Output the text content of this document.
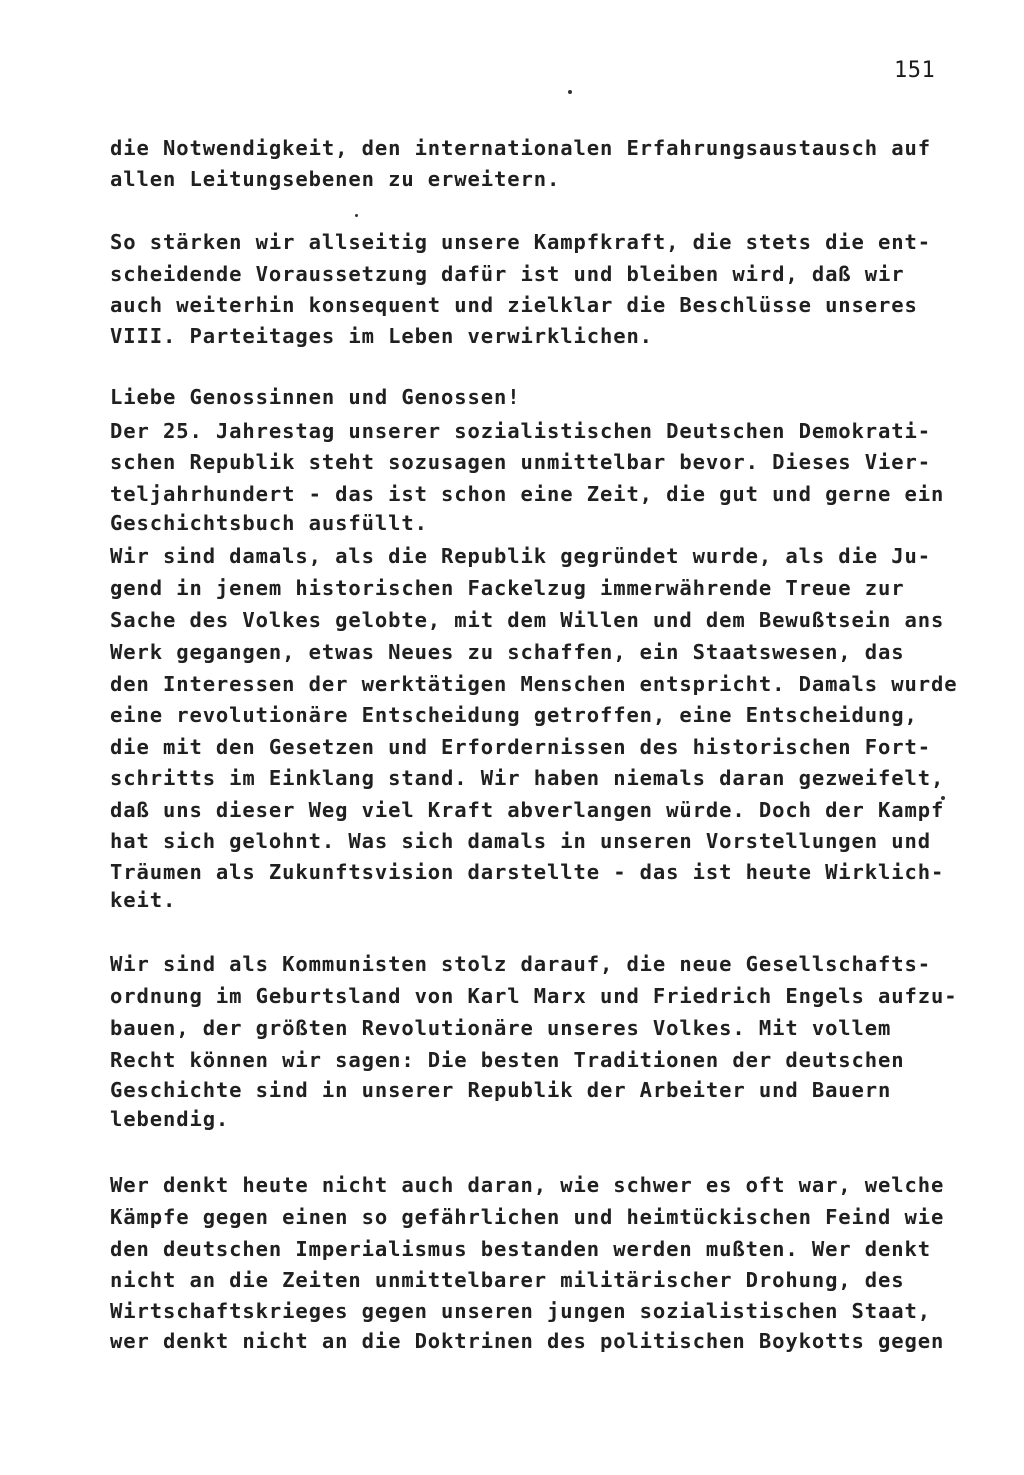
151
die Notwendigkeit, den internationalen Erfahrungsaustausch auf
allen Leitungsebenen zu erweitern.
So stärken wir allseitig unsere Kampfkraft, die stets die ent-
scheidende Voraussetzung dafür ist und bleiben wird, daß wir
auch weiterhin konsequent und zielklar die Beschlüsse unseres
VIII. Parteitages im Leben verwirklichen.
Liebe Genossinnen und Genossen!
Der 25. Jahrestag unserer sozialistischen Deutschen Demokrati-
schen Republik steht sozusagen unmittelbar bevor. Dieses Vier-
teljahrhundert - das ist schon eine Zeit, die gut und gerne ein
Geschichtsbuch ausfüllt.
Wir sind damals, als die Republik gegründet wurde, als die Ju-
gend in jenem historischen Fackelzug immerwährende Treue zur
Sache des Volkes gelobte, mit dem Willen und dem Bewußtsein ans
Werk gegangen, etwas Neues zu schaffen, ein Staatswesen, das
den Interessen der werktätigen Menschen entspricht. Damals wurde
eine revolutionäre Entscheidung getroffen, eine Entscheidung,
die mit den Gesetzen und Erfordernissen des historischen Fort-
schritts im Einklang stand. Wir haben niemals daran gezweifelt,
daß uns dieser Weg viel Kraft abverlangen würde. Doch der Kampf
hat sich gelohnt. Was sich damals in unseren Vorstellungen und
Träumen als Zukunftsvision darstellte - das ist heute Wirklich-
keit.
Wir sind als Kommunisten stolz darauf, die neue Gesellschafts-
ordnung im Geburtsland von Karl Marx und Friedrich Engels aufzu-
bauen, der größten Revolutionäre unseres Volkes. Mit vollem
Recht können wir sagen: Die besten Traditionen der deutschen
Geschichte sind in unserer Republik der Arbeiter und Bauern
lebendig.
Wer denkt heute nicht auch daran, wie schwer es oft war, welche
Kämpfe gegen einen so gefährlichen und heimtückischen Feind wie
den deutschen Imperialismus bestanden werden mußten. Wer denkt
nicht an die Zeiten unmittelbarer militärischer Drohung, des
Wirtschaftskrieges gegen unseren jungen sozialistischen Staat,
wer denkt nicht an die Doktrinen des politischen Boykotts gegen
